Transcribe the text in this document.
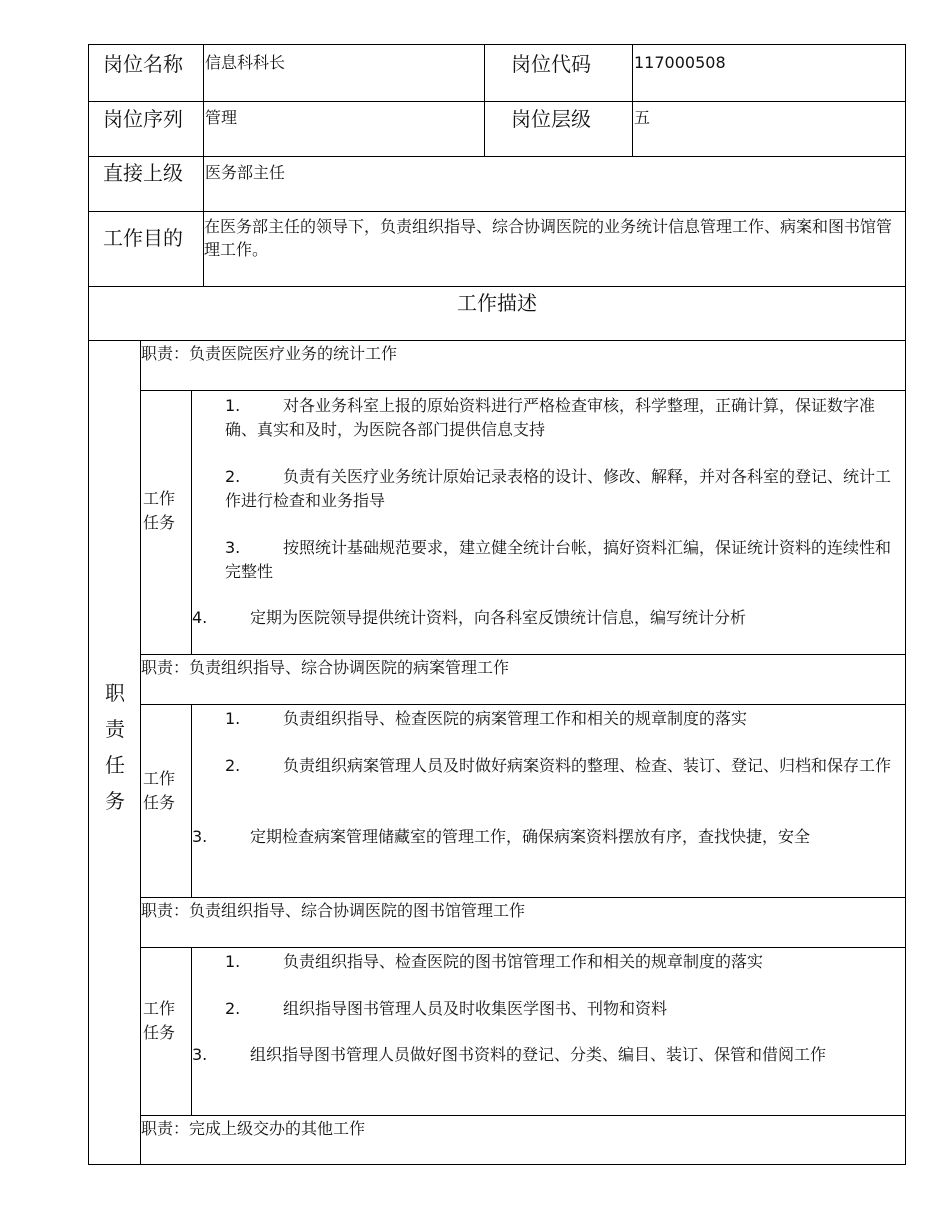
岗位名称 信息科科长	岗位代码	117000508
岗位序列 管理	岗位层级	五
直接上级 医务部主任
工作目的 在医务部主任的领导下，负责组织指导、综合协调医院的业务统计信息管理工作、病案和图书馆管理工作。
工作描述
职
责
任
务
职责：负责医院医疗业务的统计工作
工作任务
1.	对各业务科室上报的原始资料进行严格检查审核，科学整理，正确计算，保证数字准确、真实和及时，为医院各部门提供信息支持
2.	负责有关医疗业务统计原始记录表格的设计、修改、解释，并对各科室的登记、统计工作进行检查和业务指导
3.	按照统计基础规范要求，建立健全统计台帐，搞好资料汇编，保证统计资料的连续性和完整性
4.	定期为医院领导提供统计资料，向各科室反馈统计信息，编写统计分析
职责：负责组织指导、综合协调医院的病案管理工作
工作任务
1.	负责组织指导、检查医院的病案管理工作和相关的规章制度的落实
2.	负责组织病案管理人员及时做好病案资料的整理、检查、装订、登记、归档和保存工作
3.	定期检查病案管理储藏室的管理工作，确保病案资料摆放有序，查找快捷，安全
职责：负责组织指导、综合协调医院的图书馆管理工作
工作任务
1.	负责组织指导、检查医院的图书馆管理工作和相关的规章制度的落实
2.	组织指导图书管理人员及时收集医学图书、刊物和资料
3.	组织指导图书管理人员做好图书资料的登记、分类、编目、装订、保管和借阅工作
职责：完成上级交办的其他工作
